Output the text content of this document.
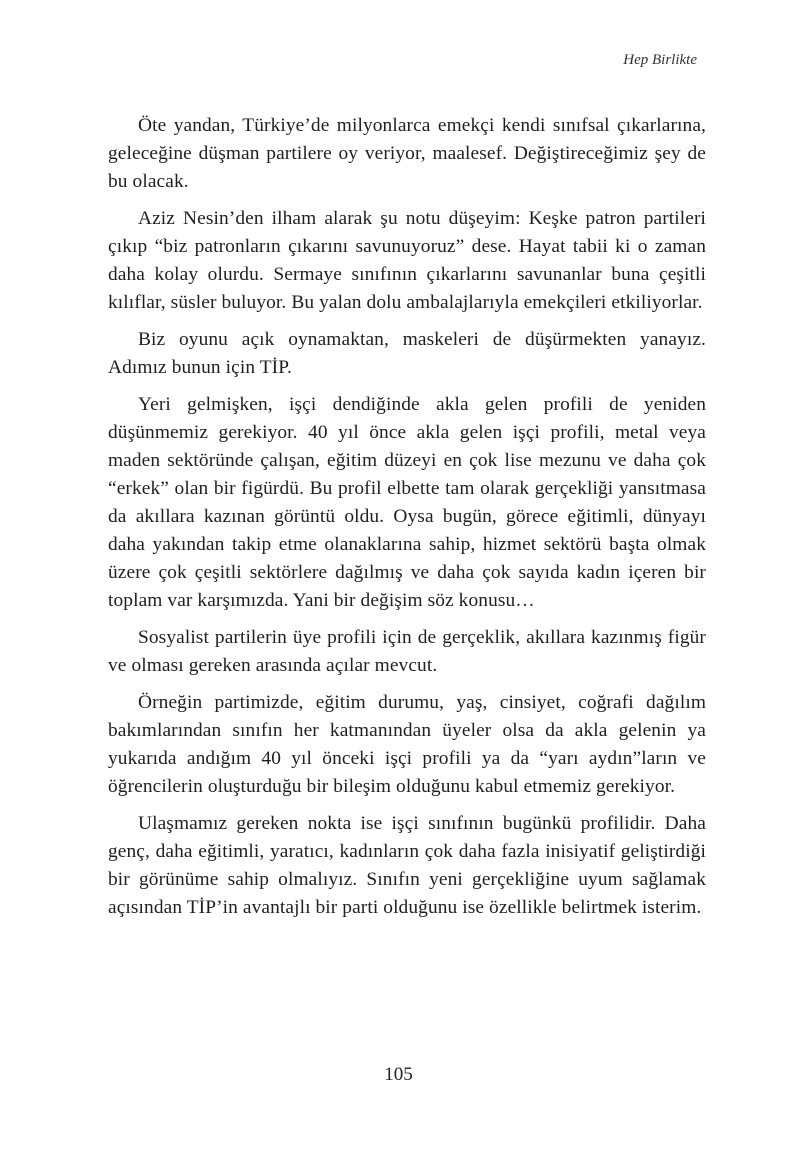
Hep Birlikte

Öte yandan, Türkiye’de milyonlarca emekçi kendi sınıfsal çıkarlarına, geleceğine düşman partilere oy veriyor, maalesef. Değiştireceğimiz şey de bu olacak.

Aziz Nesin’den ilham alarak şu notu düşeyim: Keşke patron partileri çıkıp “biz patronların çıkarını savunuyoruz” dese. Hayat tabii ki o zaman daha kolay olurdu. Sermaye sınıfının çıkarlarını savunanlar buna çeşitli kılıflar, süsler buluyor. Bu yalan dolu ambalajlarıyla emekçileri etkiliyorlar.

Biz oyunu açık oynamaktan, maskeleri de düşürmekten yanayız. Adımız bunun için TİP.

Yeri gelmişken, işçi dendiğinde akla gelen profili de yeniden düşünmemiz gerekiyor. 40 yıl önce akla gelen işçi profili, metal veya maden sektöründe çalışan, eğitim düzeyi en çok lise mezunu ve daha çok “erkek” olan bir figürdü. Bu profil elbette tam olarak gerçekliği yansıtmasa da akıllara kazınan görüntü oldu. Oysa bugün, görece eğitimli, dünyayı daha yakından takip etme olanaklarına sahip, hizmet sektörü başta olmak üzere çok çeşitli sektörlere dağılmış ve daha çok sayıda kadın içeren bir toplam var karşımızda. Yani bir değişim söz konusu…

Sosyalist partilerin üye profili için de gerçeklik, akıllara kazınmış figür ve olması gereken arasında açılar mevcut.

Örneğin partimizde, eğitim durumu, yaş, cinsiyet, coğrafi dağılım bakımlarından sınıfın her katmanından üyeler olsa da akla gelenin ya yukarıda andığım 40 yıl önceki işçi profili ya da “yarı aydın”ların ve öğrencilerin oluşturduğu bir bileşim olduğunu kabul etmemiz gerekiyor.

Ulaşmamız gereken nokta ise işçi sınıfının bugünkü profilidir. Daha genç, daha eğitimli, yaratıcı, kadınların çok daha fazla inisiyatif geliştirdiği bir görünüme sahip olmalıyız. Sınıfın yeni gerçekliğine uyum sağlamak açısından TİP’in avantajlı bir parti olduğunu ise özellikle belirtmek isterim.

105
